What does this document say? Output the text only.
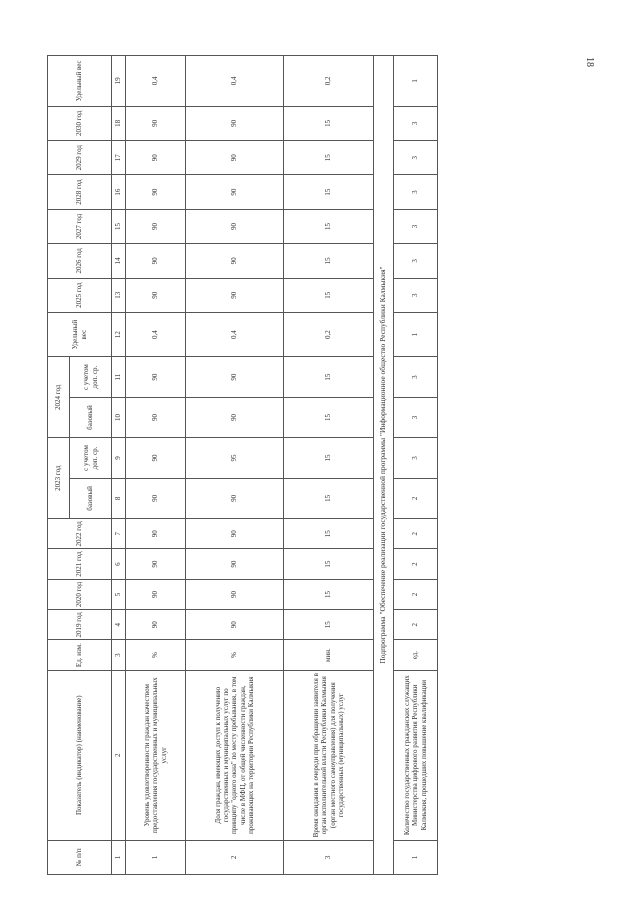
18
№ п/п	Показатель (индикатор) (наименование)	Ед. изм.	2019 год	2020 год	2021 год	2022 год	2023 год		2024 год		Удельный вес	2025 год	2026 год	2027 год	2028 год	2029 год	2030 год	Удельный вес
							базовый	с учетом доп. ср.	базовый	с учетом доп. ср.								
1	2	3	4	5	6	7	8	9	10	11	12	13	14	15	16	17	18	19
1	Уровень удовлетворенности граждан качеством предоставления государственных и муниципальных услуг	%	90	90	90	90	90	90	90	90	0,4	90	90	90	90	90	90	0,4
2	Доля граждан, имеющих доступ к получению государственных и муниципальных услуг по принципу "одного окна" по месту пребывания, в том числе в МФЦ, от общей численности граждан, проживающих на территории Республики Калмыкия	%	90	90	90	90	90	95	90	90	0,4	90	90	90	90	90	90	0,4
3	Время ожидания в очереди при обращении заявителя в орган исполнительной власти Республики Калмыкия (орган местного самоуправления) для получения государственных (муниципальных) услуг	мин.	15	15	15	15	15	15	15	15	0,2	15	15	15	15	15	15	0,2
Подпрограмма "Обеспечение реализации государственной программы "Информационное общество Республики Калмыкия"																		
1	Количество государственных гражданских служащих Министерства цифрового развития Республики Калмыкия, прошедших повышение квалификации	ед.	2	2	2	2	2	3	3	3	1	3	3	3	3	3	3	1
